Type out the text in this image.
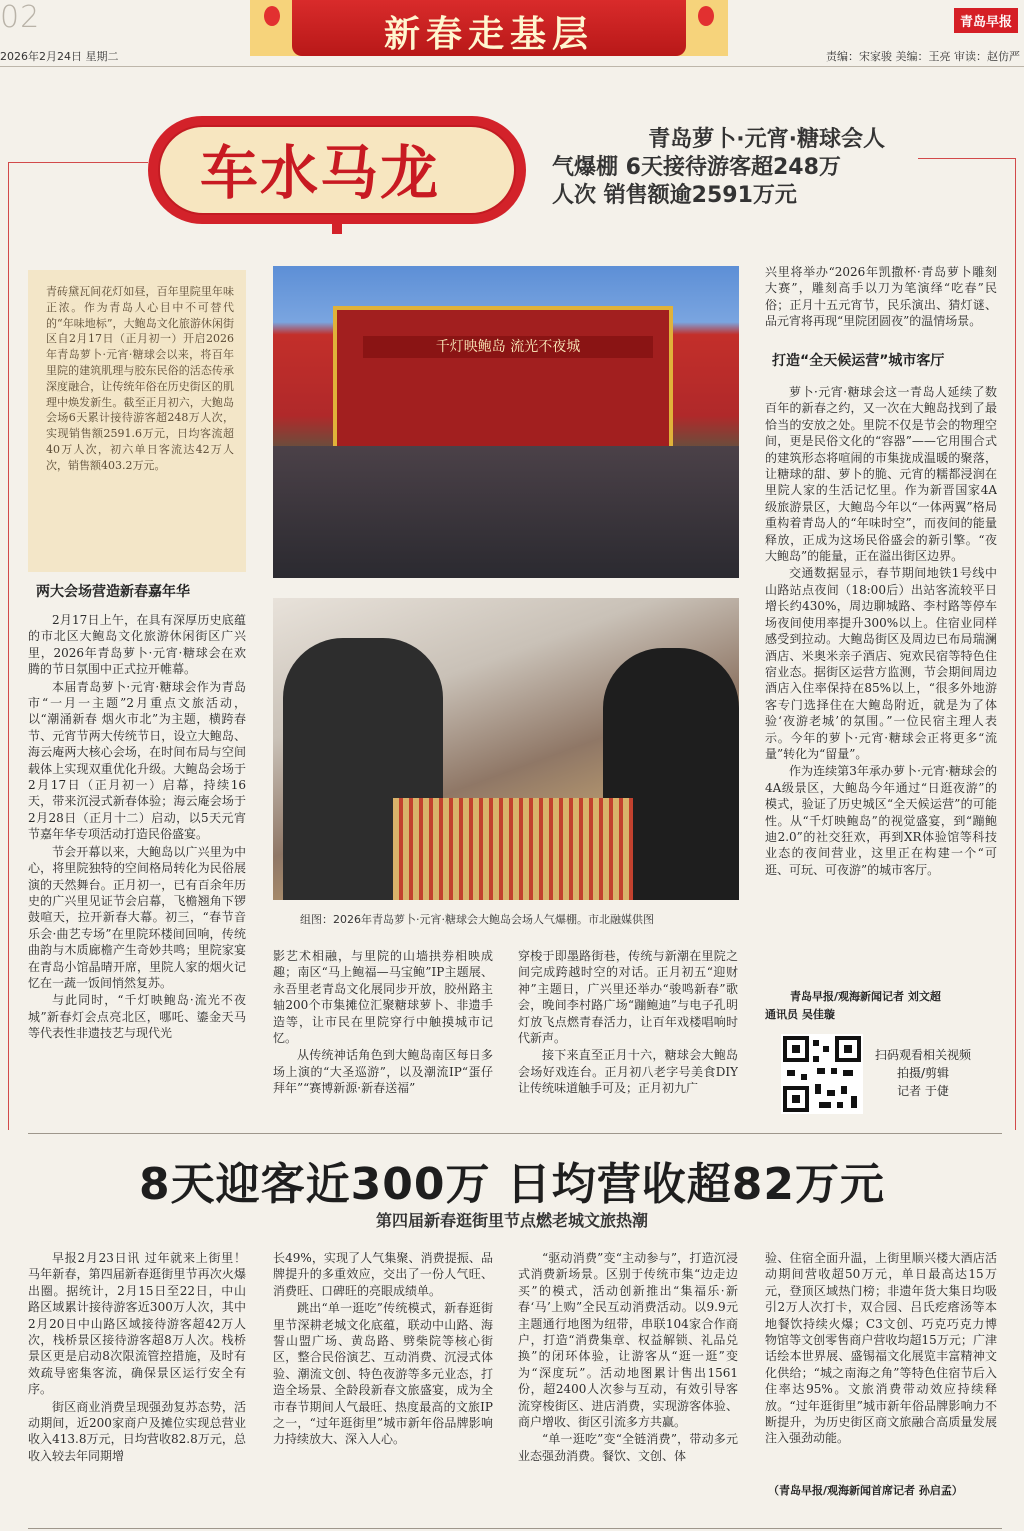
02	新春走基层	青岛早报
2026年2月24日 星期二	责编：宋家骏 美编：王亮 审读：赵仿严
车水马龙	青岛萝卜·元宵·糖球会人
气爆棚 6天接待游客超248万
人次 销售额逾2591万元
青砖黛瓦间花灯如昼，百年里院里年味正浓。作为青岛人心目中不可替代的“年味地标”，大鲍岛文化旅游休闲街区自2月17日（正月初一）开启2026年青岛萝卜·元宵·糖球会以来，将百年里院的建筑肌理与胶东民俗的活态传承深度融合，让传统年俗在历史街区的肌理中焕发新生。截至正月初六，大鲍岛会场6天累计接待游客超248万人次，实现销售额2591.6万元，日均客流超40万人次，初六单日客流达42万人次，销售额403.2万元。
两大会场营造新春嘉年华

2月17日上午，在具有深厚历史底蕴的市北区大鲍岛文化旅游休闲街区广兴里，2026年青岛萝卜·元宵·糖球会在欢腾的节日氛围中正式拉开帷幕。

本届青岛萝卜·元宵·糖球会作为青岛市“一月一主题”2月重点文旅活动，以“潮涌新春 烟火市北”为主题，横跨春节、元宵节两大传统节日，设立大鲍岛、海云庵两大核心会场，在时间布局与空间载体上实现双重优化升级。大鲍岛会场于2月17日（正月初一）启幕，持续16天，带来沉浸式新春体验；海云庵会场于2月28日（正月十二）启动，以5天元宵节嘉年华专项活动打造民俗盛宴。

节会开幕以来，大鲍岛以广兴里为中心，将里院独特的空间格局转化为民俗展演的天然舞台。正月初一，已有百余年历史的广兴里见证节会启幕，飞檐翘角下锣鼓喧天，拉开新春大幕。初三，“春节音乐会·曲艺专场”在里院环楼间回响，传统曲韵与木质廊檐产生奇妙共鸣；里院家宴在青岛小馆晶晴开席，里院人家的烟火记忆在一蔬一饭间悄然复苏。

与此同时，“千灯映鲍岛·流光不夜城”新春灯会点亮北区，哪吒、鎏金天马等代表性非遗技艺与现代光

千灯映鲍岛 流光不夜城
组图：2026年青岛萝卜·元宵·糖球会大鲍岛会场人气爆棚。市北融媒供图

影艺术相融，与里院的山墙拱券相映成趣；南区“马上鲍福—马宝鲍”IP主题展、永吾里老青岛文化展同步开放，胶州路主轴200个市集摊位汇聚糖球萝卜、非遗手造等，让市民在里院穿行中触摸城市记忆。

从传统神话角色到大鲍岛南区每日多场上演的“大圣巡游”，以及潮流IP“蛋仔拜年”“赛博新源·新春送福”

穿梭于即墨路街巷，传统与新潮在里院之间完成跨越时空的对话。正月初五“迎财神”主题日，广兴里还举办“骏鸣新春”歌会，晚间李村路广场“蹦鲍迪”与电子孔明灯放飞点燃青春活力，让百年戏楼唱响时代新声。

接下来直至正月十六，糖球会大鲍岛会场好戏连台。正月初八老字号美食DIY让传统味道触手可及；正月初九广

兴里将举办“2026年凯撒杯·青岛萝卜雕刻大赛”，雕刻高手以刀为笔演绎“吃春”民俗；正月十五元宵节，民乐演出、猜灯谜、品元宵将再现“里院团圆夜”的温情场景。

打造“全天候运营”城市客厅

萝卜·元宵·糖球会这一青岛人延续了数百年的新春之约，又一次在大鲍岛找到了最恰当的安放之处。里院不仅是节会的物理空间，更是民俗文化的“容器”——它用围合式的建筑形态将喧闹的市集拢成温暖的聚落，让糖球的甜、萝卜的脆、元宵的糯都浸润在里院人家的生活记忆里。作为新晋国家4A级旅游景区，大鲍岛今年以“一体两翼”格局重构着青岛人的“年味时空”，而夜间的能量释放，正成为这场民俗盛会的新引擎。“夜大鲍岛”的能量，正在溢出街区边界。

交通数据显示，春节期间地铁1号线中山路站点夜间（18:00后）出站客流较平日增长约430%，周边聊城路、李村路等停车场夜间使用率提升300%以上。住宿业同样感受到拉动。大鲍岛街区及周边已布局瑞澜酒店、米奥米亲子酒店、宛欢民宿等特色住宿业态。据街区运营方监测，节会期间周边酒店入住率保持在85%以上，“很多外地游客专门选择住在大鲍岛附近，就是为了体验‘夜游老城’的氛围。”一位民宿主理人表示。今年的萝卜·元宵·糖球会正将更多“流量”转化为“留量”。

作为连续第3年承办萝卜·元宵·糖球会的4A级景区，大鲍岛今年通过“日逛夜游”的模式，验证了历史城区“全天候运营”的可能性。从“千灯映鲍岛”的视觉盛宴，到“蹦鲍迪2.0”的社交狂欢，再到XR体验馆等科技业态的夜间营业，这里正在构建一个“可逛、可玩、可夜游”的城市客厅。

青岛早报/观海新闻记者 刘文超
通讯员 吴佳璇
扫码观看相关视频
拍摄/剪辑
记者 于倢
8天迎客近300万 日均营收超82万元
第四届新春逛街里节点燃老城文旅热潮

早报2月23日讯 过年就来上街里！马年新春，第四届新春逛街里节再次火爆出圈。据统计，2月15日至22日，中山路区域累计接待游客近300万人次，其中2月20日中山路区域接待游客超42万人次，栈桥景区接待游客超8万人次。栈桥景区更是启动8次限流管控措施，及时有效疏导密集客流，确保景区运行安全有序。

街区商业消费呈现强劲复苏态势，活动期间，近200家商户及摊位实现总营业收入413.8万元，日均营收82.8万元，总收入较去年同期增

长49%，实现了人气集聚、消费提振、品牌提升的多重效应，交出了一份人气旺、消费旺、口碑旺的亮眼成绩单。

跳出“单一逛吃”传统模式，新春逛街里节深耕老城文化底蕴，联动中山路、海誓山盟广场、黄岛路、劈柴院等核心街区，整合民俗演艺、互动消费、沉浸式体验、潮流文创、特色夜游等多元业态，打造全场景、全龄段新春文旅盛宴，成为全市春节期间人气最旺、热度最高的文旅IP之一，“过年逛街里”城市新年俗品牌影响力持续放大、深入人心。

“驱动消费”变“主动参与”，打造沉浸式消费新场景。区别于传统市集“边走边买”的模式，活动创新推出“集福乐·新春‘马’上购”全民互动消费活动。以9.9元主题通行地图为纽带，串联104家合作商户，打造“消费集章、权益解锁、礼品兑换”的闭环体验，让游客从“逛一逛”变为“深度玩”。活动地图累计售出1561份，超2400人次参与互动，有效引导客流穿梭街区、进店消费，实现游客体验、商户增收、街区引流多方共赢。

“单一逛吃”变“全链消费”，带动多元业态强劲消费。餐饮、文创、体

验、住宿全面升温，上街里顺兴楼大酒店活动期间营收超50万元，单日最高达15万元，登顶区域热门榜；非遗年货大集日均吸引2万人次打卡，双合园、吕氏疙瘩汤等本地餐饮持续火爆；C3文创、巧克巧克力博物馆等文创零售商户营收均超15万元；广津话绘本世界展、盛锡福文化展览丰富精神文化供给；“城之南海之角”等特色住宿节后入住率达95%。文旅消费带动效应持续释放。“过年逛街里”城市新年俗品牌影响力不断提升，为历史街区商文旅融合高质量发展注入强劲动能。

（青岛早报/观海新闻首席记者 孙启孟）
